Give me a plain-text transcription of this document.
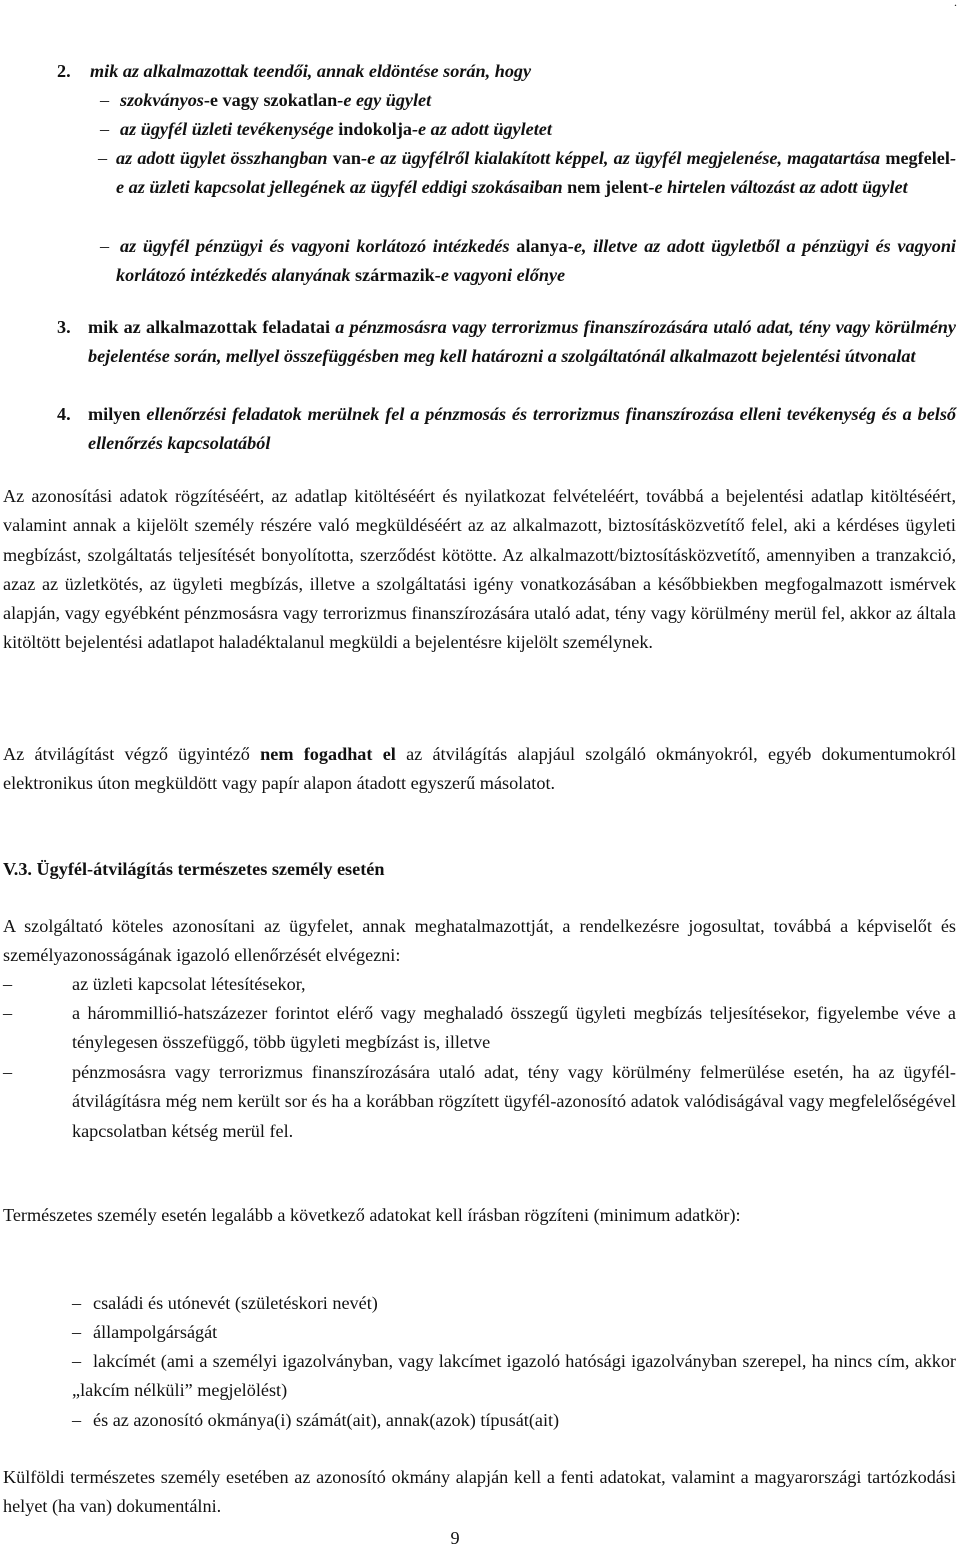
.
2. mik az alkalmazottak teendői, annak eldöntése során, hogy
– szokványos-e vagy szokatlan-e egy ügylet
– az ügyfél üzleti tevékenysége indokolja-e az adott ügyletet
– az adott ügylet összhangban van-e az ügyfélről kialakított képpel, az ügyfél megjelenése, magatartása megfelel-e az üzleti kapcsolat jellegének az ügyfél eddigi szokásaiban nem jelent-e hirtelen változást az adott ügylet
– az ügyfél pénzügyi és vagyoni korlátozó intézkedés alanya-e, illetve az adott ügyletből a pénzügyi és vagyoni korlátozó intézkedés alanyának származik-e vagyoni előnye
3. mik az alkalmazottak feladatai a pénzmosásra vagy terrorizmus finanszírozására utaló adat, tény vagy körülmény bejelentése során, mellyel összefüggésben meg kell határozni a szolgáltatónál alkalmazott bejelentési útvonalat
4. milyen ellenőrzési feladatok merülnek fel a pénzmosás és terrorizmus finanszírozása elleni tevékenység és a belső ellenőrzés kapcsolatából
Az azonosítási adatok rögzítéséért, az adatlap kitöltéséért és nyilatkozat felvételéért, továbbá a bejelentési adatlap kitöltéséért, valamint annak a kijelölt személy részére való megküldéséért az az alkalmazott, biztosításközvetítő felel, aki a kérdéses ügyleti megbízást, szolgáltatás teljesítését bonyolította, szerződést kötötte. Az alkalmazott/biztosításközvetítő, amennyiben a tranzakció, azaz az üzletkötés, az ügyleti megbízás, illetve a szolgáltatási igény vonatkozásában a későbbiekben megfogalmazott ismérvek alapján, vagy egyébként pénzmosásra vagy terrorizmus finanszírozására utaló adat, tény vagy körülmény merül fel, akkor az általa kitöltött bejelentési adatlapot haladéktalanul megküldi a bejelentésre kijelölt személynek.
Az átvilágítást végző ügyintéző nem fogadhat el az átvilágítás alapjául szolgáló okmányokról, egyéb dokumentumokról elektronikus úton megküldött vagy papír alapon átadott egyszerű másolatot.
V.3. Ügyfél-átvilágítás természetes személy esetén
A szolgáltató köteles azonosítani az ügyfelet, annak meghatalmazottját, a rendelkezésre jogosultat, továbbá a képviselőt és személyazonosságának igazoló ellenőrzését elvégezni:
–	az üzleti kapcsolat létesítésekor,
–	a hárommillió-hatszázezer forintot elérő vagy meghaladó összegű ügyleti megbízás teljesítésekor, figyelembe véve a ténylegesen összefüggő, több ügyleti megbízást is, illetve
–	pénzmosásra vagy terrorizmus finanszírozására utaló adat, tény vagy körülmény felmerülése esetén, ha az ügyfél-átvilágításra még nem került sor és ha a korábban rögzített ügyfél-azonosító adatok valódiságával vagy megfelelőségével kapcsolatban kétség merül fel.
Természetes személy esetén legalább a következő adatokat kell írásban rögzíteni (minimum adatkör):
– családi és utónevét (születéskori nevét)
– állampolgárságát
– lakcímét (ami a személyi igazolványban, vagy lakcímet igazoló hatósági igazolványban szerepel, ha nincs cím, akkor „lakcím nélküli” megjelölést)
– és az azonosító okmánya(i) számát(ait), annak(azok) típusát(ait)
Külföldi természetes személy esetében az azonosító okmány alapján kell a fenti adatokat, valamint a magyarországi tartózkodási helyet (ha van) dokumentálni.
9
